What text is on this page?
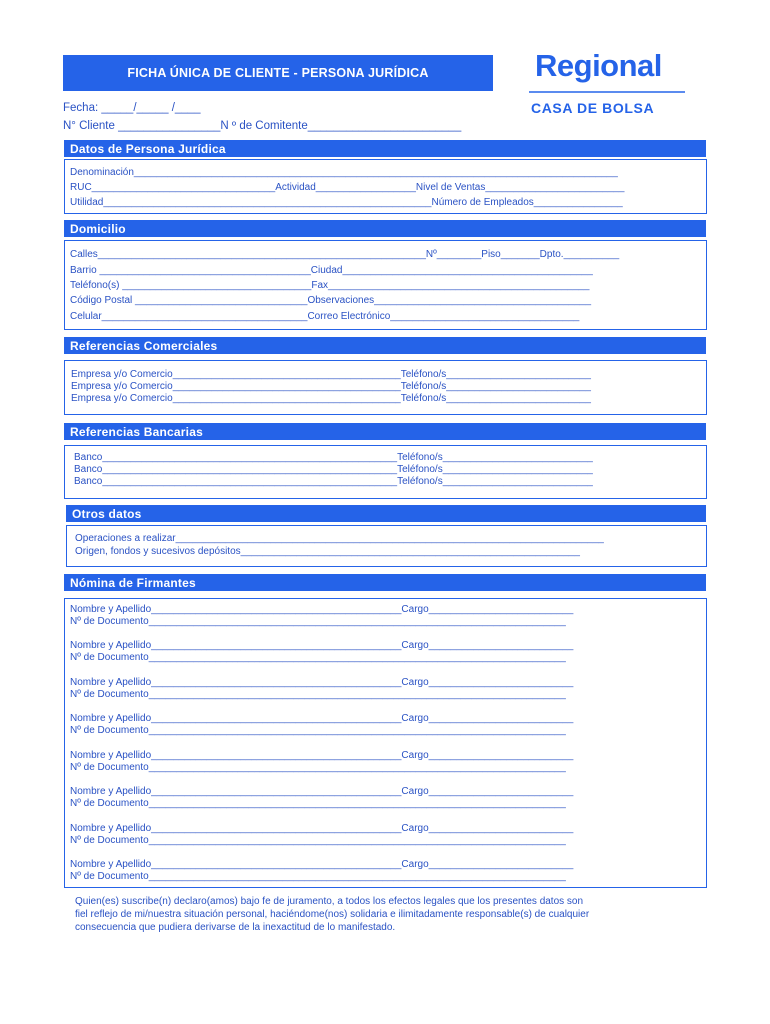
FICHA ÚNICA DE CLIENTE - PERSONA JURÍDICA	Regional
CASA DE BOLSA
Fecha: _____/_____ /____
N° Cliente ________________N º de Comitente________________________
Datos de Persona Jurídica
Denominación_______________________________________________________________________________________
RUC_________________________________Actividad__________________Nivel de Ventas_________________________
Utilidad___________________________________________________________Número de Empleados________________
Domicilio
Calles___________________________________________________________Nº________Piso_______Dpto.__________
Barrio ______________________________________Ciudad_____________________________________________
Teléfono(s) __________________________________Fax_______________________________________________
Código Postal _______________________________Observaciones_______________________________________
Celular_____________________________________Correo Electrónico__________________________________
Referencias Comerciales
Empresa y/o Comercio_________________________________________Teléfono/s__________________________
Empresa y/o Comercio_________________________________________Teléfono/s__________________________
Empresa y/o Comercio_________________________________________Teléfono/s__________________________
Referencias Bancarias
Banco_____________________________________________________Teléfono/s___________________________
Banco_____________________________________________________Teléfono/s___________________________
Banco_____________________________________________________Teléfono/s___________________________
Otros datos
Operaciones a realizar_____________________________________________________________________________
Origen, fondos y sucesivos depósitos_____________________________________________________________
Nómina de Firmantes
Nombre y Apellido_____________________________________________Cargo__________________________
Nº de Documento___________________________________________________________________________
Nombre y Apellido_____________________________________________Cargo__________________________
Nº de Documento___________________________________________________________________________
Nombre y Apellido_____________________________________________Cargo__________________________
Nº de Documento___________________________________________________________________________
Nombre y Apellido_____________________________________________Cargo__________________________
Nº de Documento___________________________________________________________________________
Nombre y Apellido_____________________________________________Cargo__________________________
Nº de Documento___________________________________________________________________________
Nombre y Apellido_____________________________________________Cargo__________________________
Nº de Documento___________________________________________________________________________
Nombre y Apellido_____________________________________________Cargo__________________________
Nº de Documento___________________________________________________________________________
Nombre y Apellido_____________________________________________Cargo__________________________
Nº de Documento___________________________________________________________________________
Quien(es) suscribe(n) declaro(amos) bajo fe de juramento, a todos los efectos legales que los presentes datos son
fiel reflejo de mi/nuestra situación personal, haciéndome(nos) solidaria e ilimitadamente responsable(s) de cualquier
consecuencia que pudiera derivarse de la inexactitud de lo manifestado.
